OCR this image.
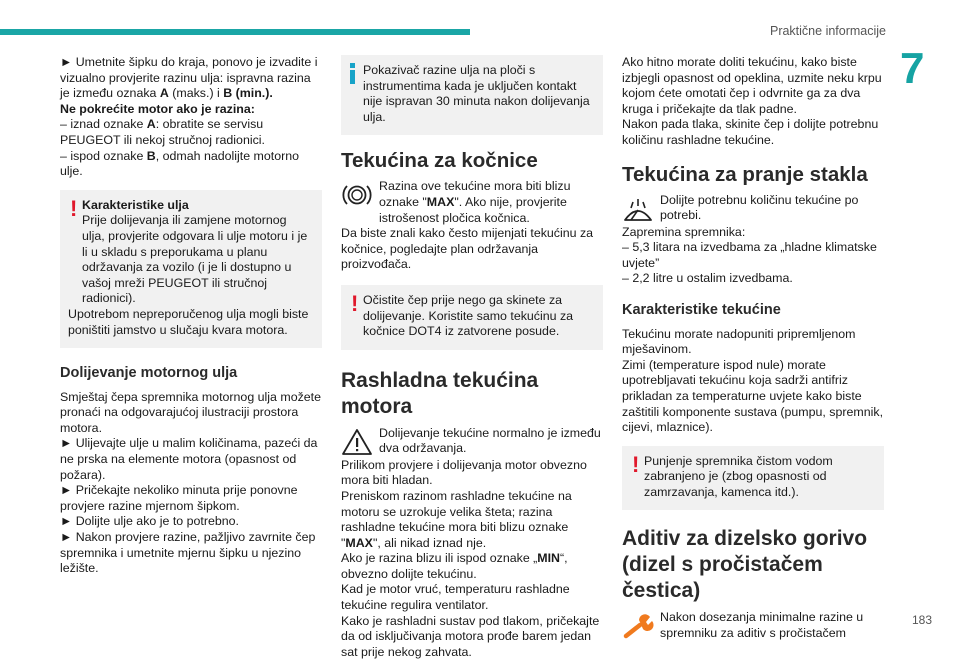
Praktične informacije
7
183

► Umetnite šipku do kraja, ponovo je izvadite i vizualno provjerite razinu ulja: ispravna razina je između oznaka A (maks.) i B (min.).

Ne pokrećite motor ako je razina:

– iznad oznake A: obratite se servisu PEUGEOT ili nekoj stručnoj radionici.

– ispod oznake B, odmah nadolijte motorno ulje.

! Karakteristike ulja

Prije dolijevanja ili zamjene motornog ulja, provjerite odgovara li ulje motoru i je li u skladu s preporukama u planu održavanja za vozilo (i je li dostupno u vašoj mreži PEUGEOT ili stručnoj radionici).

Upotrebom nepreporučenog ulja mogli biste poništiti jamstvo u slučaju kvara motora.

Dolijevanje motornog ulja

Smještaj čepa spremnika motornog ulja možete pronaći na odgovarajućoj ilustraciji prostora motora.

► Ulijevajte ulje u malim količinama, pazeći da ne prska na elemente motora (opasnost od požara).

► Pričekajte nekoliko minuta prije ponovne provjere razine mjernom šipkom.

► Dolijte ulje ako je to potrebno.

► Nakon provjere razine, pažljivo zavrnite čep spremnika i umetnite mjernu šipku u njezino ležište.

Pokazivač razine ulja na ploči s instrumentima kada je uključen kontakt nije ispravan 30 minuta nakon dolijevanja ulja.

Tekućina za kočnice

Razina ove tekućine mora biti blizu oznake "MAX". Ako nije, provjerite istrošenost pločica kočnica.

Da biste znali kako često mijenjati tekućinu za kočnice, pogledajte plan održavanja proizvođača.

! Očistite čep prije nego ga skinete za dolijevanje. Koristite samo tekućinu za kočnice DOT4 iz zatvorene posude.

Rashladna tekućina motora

Dolijevanje tekućine normalno je između dva održavanja.

Prilikom provjere i dolijevanja motor obvezno mora biti hladan.

Preniskom razinom rashladne tekućine na motoru se uzrokuje velika šteta; razina rashladne tekućine mora biti blizu oznake "MAX", ali nikad iznad nje.

Ako je razina blizu ili ispod oznake „MIN“, obvezno dolijte tekućinu.

Kad je motor vruć, temperaturu rashladne tekućine regulira ventilator.

Kako je rashladni sustav pod tlakom, pričekajte da od isključivanja motora prođe barem jedan sat prije nekog zahvata.

Ako hitno morate doliti tekućinu, kako biste izbjegli opasnost od opeklina, uzmite neku krpu kojom ćete omotati čep i odvrnite ga za dva kruga i pričekajte da tlak padne.

Nakon pada tlaka, skinite čep i dolijte potrebnu količinu rashladne tekućine.

Tekućina za pranje stakla

Dolijte potrebnu količinu tekućine po potrebi.

Zapremina spremnika:

– 5,3 litara na izvedbama za „hladne klimatske uvjete”

– 2,2 litre u ostalim izvedbama.

Karakteristike tekućine

Tekućinu morate nadopuniti pripremljenom mješavinom.

Zimi (temperature ispod nule) morate upotrebljavati tekućinu koja sadrži antifriz prikladan za temperaturne uvjete kako biste zaštitili komponente sustava (pumpu, spremnik, cijevi, mlaznice).

! Punjenje spremnika čistom vodom zabranjeno je (zbog opasnosti od zamrzavanja, kamenca itd.).

Aditiv za dizelsko gorivo (dizel s pročistačem čestica)

Nakon dosezanja minimalne razine u spremniku za aditiv s pročistačem
